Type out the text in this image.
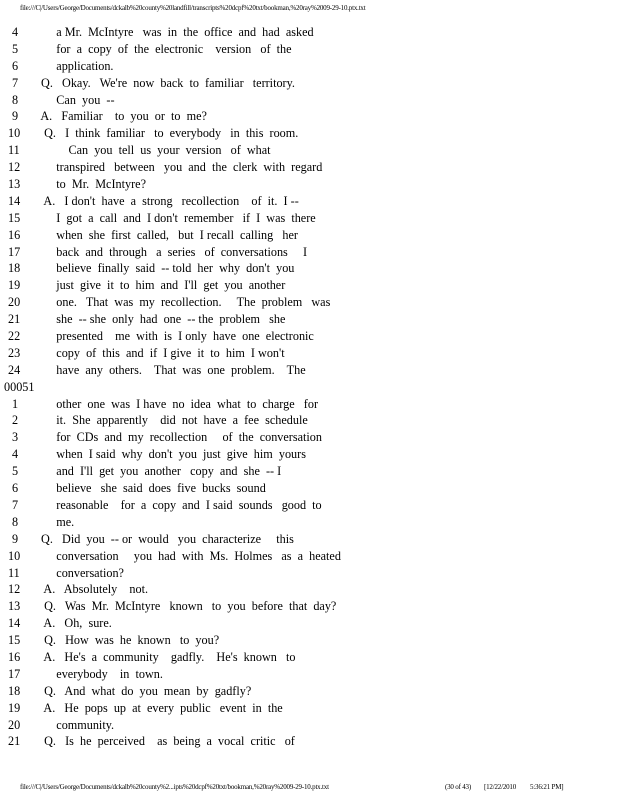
file:///C|/Users/George/Documents/dckalb%20county%20landfill/transcripts%20dcpf%20txt/bookman,%20ray%2009-29-10.ptx.txt
4	a Mr.  McIntyre   was  in  the  office  and  had  asked
5	for  a  copy  of  the  electronic    version   of  the
6	application.
7	Q.   Okay.   We're  now  back  to  familiar   territory.
8	Can  you  --
9	A.   Familiar    to  you  or  to  me?
10	Q.   I  think  familiar   to  everybody   in  this  room.
11	Can  you  tell  us  your  version   of  what
12	transpired   between   you  and  the  clerk  with  regard
13	to  Mr.  McIntyre?
14	A.   I don't  have  a  strong   recollection    of  it.  I --
15	I  got  a  call  and  I don't  remember   if  I  was  there
16	when  she  first  called,   but  I recall  calling   her
17	back  and  through   a  series   of  conversations     I
18	believe  finally  said  -- told  her  why  don't  you
19	just  give  it  to  him  and  I'll  get  you  another
20	one.   That  was  my  recollection.     The  problem   was
21	she  -- she  only  had  one  -- the  problem   she
22	presented    me  with  is  I only  have  one  electronic
23	copy  of  this  and  if  I give  it  to  him  I won't
24	have  any  others.    That  was  one  problem.    The
00051
1	other  one  was  I have  no  idea  what  to  charge   for
2	it.  She  apparently    did  not  have  a  fee  schedule
3	for  CDs  and  my  recollection     of  the  conversation
4	when  I said  why  don't  you  just  give  him  yours
5	and  I'll  get  you  another   copy  and  she  -- I
6	believe   she  said  does  five  bucks  sound
7	reasonable    for  a  copy  and  I said  sounds   good  to
8	me.
9	Q.   Did  you  -- or  would   you  characterize     this
10	conversation     you  had  with  Ms.  Holmes   as  a  heated
11	conversation?
12	A.   Absolutely    not.
13	Q.   Was  Mr.  McIntyre   known   to  you  before  that  day?
14	A.   Oh,  sure.
15	Q.   How  was  he  known   to  you?
16	A.   He's  a  community    gadfly.    He's  known   to
17	everybody    in  town.
18	Q.   And  what  do  you  mean  by  gadfly?
19	A.   He  pops  up  at  every  public   event  in  the
20	community.
21	Q.   Is  he  perceived    as  being  a  vocal  critic   of
file:///C|/Users/George/Documents/dckalb%20county%2...ipts%20dcpf%20txt/bookman,%20ray%2009-29-10.ptx.txt	(30 of 43) [12/22/2010 5:36:21 PM]
